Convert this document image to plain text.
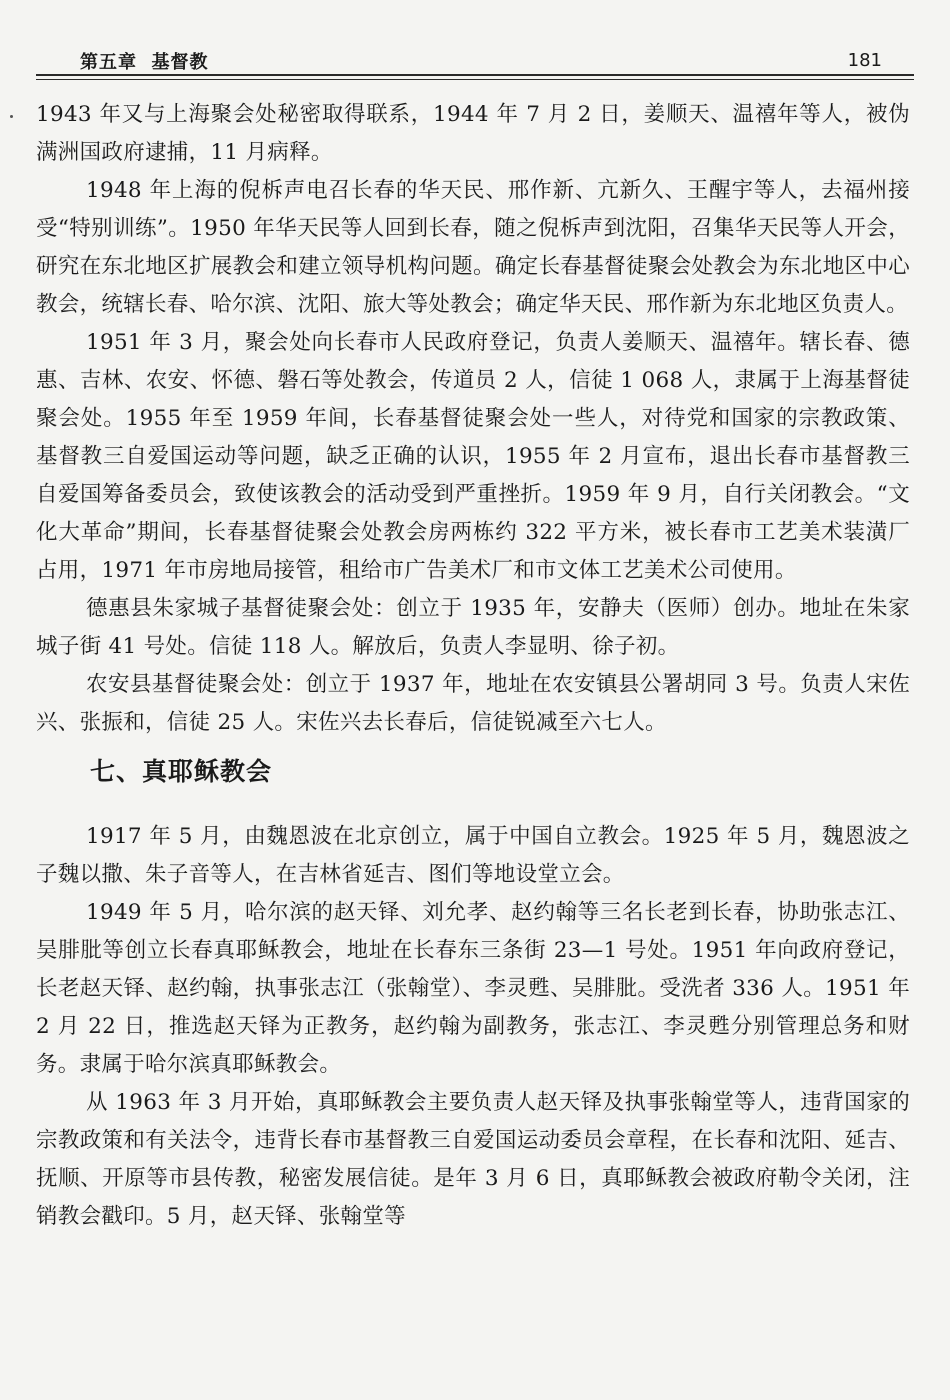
第五章  基督教	181

1943 年又与上海聚会处秘密取得联系，1944 年 7 月 2 日，姜顺天、温禧年等人，被伪满洲国政府逮捕，11 月病释。

1948 年上海的倪柝声电召长春的华天民、邢作新、亢新久、王醒宇等人，去福州接受“特别训练”。1950 年华天民等人回到长春，随之倪柝声到沈阳，召集华天民等人开会，研究在东北地区扩展教会和建立领导机构问题。确定长春基督徒聚会处教会为东北地区中心教会，统辖长春、哈尔滨、沈阳、旅大等处教会；确定华天民、邢作新为东北地区负责人。

1951 年 3 月，聚会处向长春市人民政府登记，负责人姜顺天、温禧年。辖长春、德惠、吉林、农安、怀德、磐石等处教会，传道员 2 人，信徒 1 068 人，隶属于上海基督徒聚会处。1955 年至 1959 年间，长春基督徒聚会处一些人，对待党和国家的宗教政策、基督教三自爱国运动等问题，缺乏正确的认识，1955 年 2 月宣布，退出长春市基督教三自爱国筹备委员会，致使该教会的活动受到严重挫折。1959 年 9 月，自行关闭教会。“文化大革命”期间，长春基督徒聚会处教会房两栋约 322 平方米，被长春市工艺美术装潢厂占用，1971 年市房地局接管，租给市广告美术厂和市文体工艺美术公司使用。

德惠县朱家城子基督徒聚会处：创立于 1935 年，安静夫（医师）创办。地址在朱家城子街 41 号处。信徒 118 人。解放后，负责人李显明、徐子初。

农安县基督徒聚会处：创立于 1937 年，地址在农安镇县公署胡同 3 号。负责人宋佐兴、张振和，信徒 25 人。宋佐兴去长春后，信徒锐减至六七人。

七、真耶稣教会

1917 年 5 月，由魏恩波在北京创立，属于中国自立教会。1925 年 5 月，魏恩波之子魏以撒、朱子音等人，在吉林省延吉、图们等地设堂立会。

1949 年 5 月，哈尔滨的赵天铎、刘允孝、赵约翰等三名长老到长春，协助张志江、吴腓肶等创立长春真耶稣教会，地址在长春东三条街 23—1 号处。1951 年向政府登记，长老赵天铎、赵约翰，执事张志江（张翰堂）、李灵甦、吴腓肶。受洗者 336 人。1951 年 2 月 22 日，推选赵天铎为正教务，赵约翰为副教务，张志江、李灵甦分别管理总务和财务。隶属于哈尔滨真耶稣教会。

从 1963 年 3 月开始，真耶稣教会主要负责人赵天铎及执事张翰堂等人，违背国家的宗教政策和有关法令，违背长春市基督教三自爱国运动委员会章程，在长春和沈阳、延吉、抚顺、开原等市县传教，秘密发展信徒。是年 3 月 6 日，真耶稣教会被政府勒令关闭，注销教会戳印。5 月，赵天铎、张翰堂等
